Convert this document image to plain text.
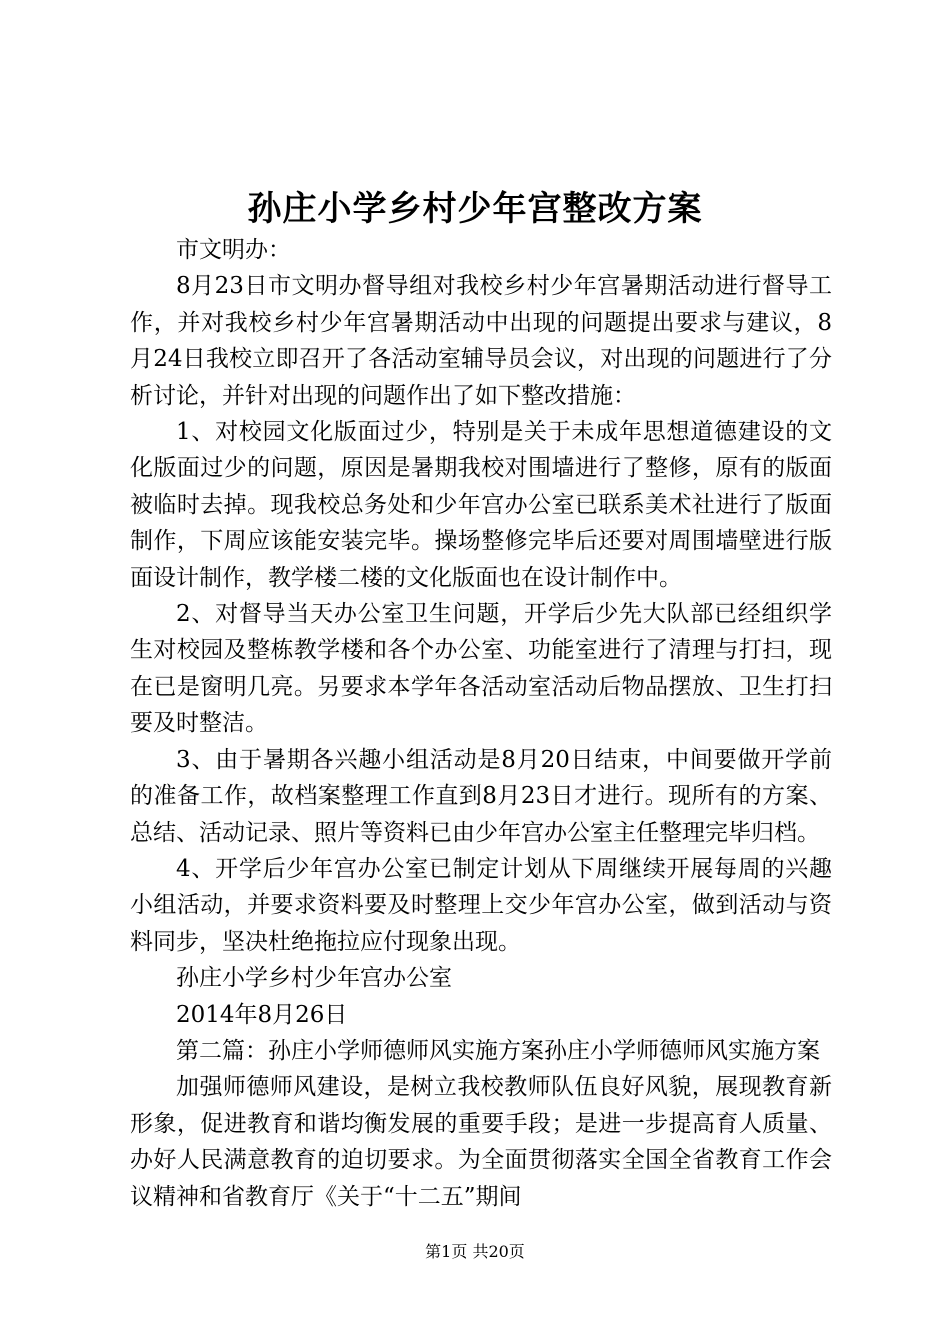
孙庄小学乡村少年宫整改方案

市文明办：

8月23日市文明办督导组对我校乡村少年宫暑期活动进行督导工作，并对我校乡村少年宫暑期活动中出现的问题提出要求与建议，8月24日我校立即召开了各活动室辅导员会议，对出现的问题进行了分析讨论，并针对出现的问题作出了如下整改措施：

1、对校园文化版面过少，特别是关于未成年思想道德建设的文化版面过少的问题，原因是暑期我校对围墙进行了整修，原有的版面被临时去掉。现我校总务处和少年宫办公室已联系美术社进行了版面制作，下周应该能安装完毕。操场整修完毕后还要对周围墙壁进行版面设计制作，教学楼二楼的文化版面也在设计制作中。

2、对督导当天办公室卫生问题，开学后少先大队部已经组织学生对校园及整栋教学楼和各个办公室、功能室进行了清理与打扫，现在已是窗明几亮。另要求本学年各活动室活动后物品摆放、卫生打扫要及时整洁。

3、由于暑期各兴趣小组活动是8月20日结束，中间要做开学前的准备工作，故档案整理工作直到8月23日才进行。现所有的方案、总结、活动记录、照片等资料已由少年宫办公室主任整理完毕归档。

4、开学后少年宫办公室已制定计划从下周继续开展每周的兴趣小组活动，并要求资料要及时整理上交少年宫办公室，做到活动与资料同步，坚决杜绝拖拉应付现象出现。

孙庄小学乡村少年宫办公室

2014年8月26日

第二篇：孙庄小学师德师风实施方案孙庄小学师德师风实施方案

加强师德师风建设，是树立我校教师队伍良好风貌，展现教育新形象，促进教育和谐均衡发展的重要手段；是进一步提高育人质量、办好人民满意教育的迫切要求。为全面贯彻落实全国全省教育工作会议精神和省教育厅《关于“十二五”期间

第1页 共20页
